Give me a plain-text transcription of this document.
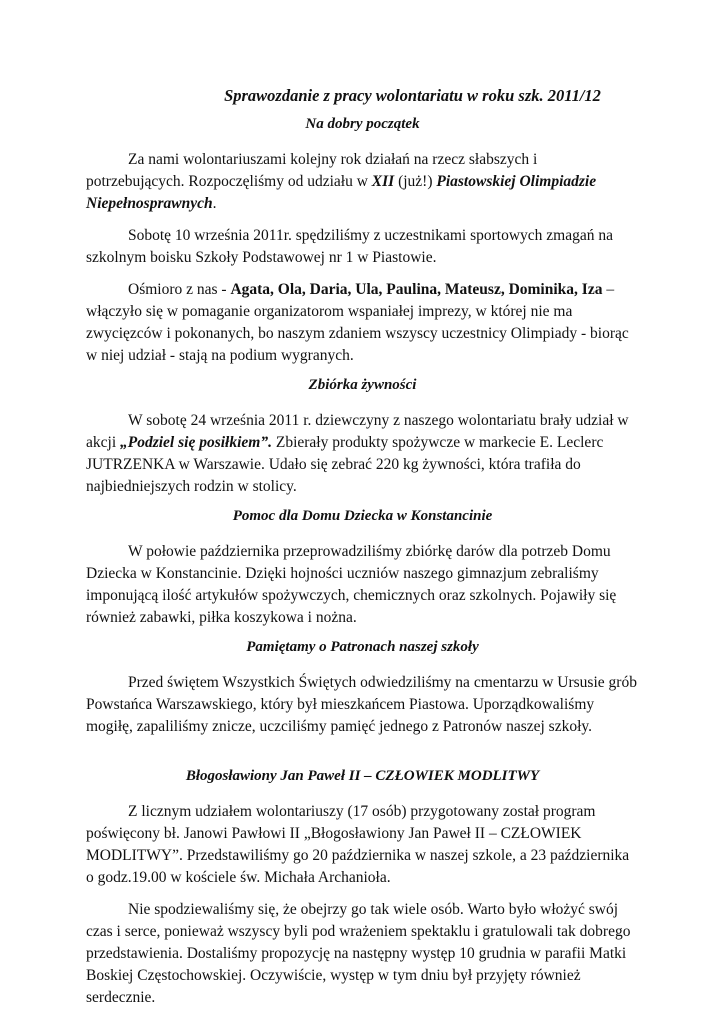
Sprawozdanie z pracy wolontariatu w roku szk. 2011/12
Na dobry początek

Za nami wolontariuszami kolejny rok działań na rzecz słabszych i potrzebujących. Rozpoczęliśmy od udziału w XII (już!) Piastowskiej Olimpiadzie Niepełnosprawnych.

Sobotę 10 września 2011r. spędziliśmy z uczestnikami sportowych zmagań na szkolnym boisku Szkoły Podstawowej nr 1 w Piastowie.

Ośmioro z nas - Agata, Ola, Daria, Ula, Paulina, Mateusz, Dominika, Iza – włączyło się w pomaganie organizatorom wspaniałej imprezy, w której nie ma zwycięzców i pokonanych, bo naszym zdaniem wszyscy uczestnicy Olimpiady - biorąc w niej udział - stają na podium wygranych.

Zbiórka żywności

W sobotę 24 września 2011 r. dziewczyny z naszego wolontariatu brały udział w akcji „Podziel się posiłkiem”. Zbierały produkty spożywcze w markecie E. Leclerc JUTRZENKA w Warszawie. Udało się zebrać 220 kg żywności, która trafiła do najbiedniejszych rodzin w stolicy.

Pomoc dla Domu Dziecka w Konstancinie

W połowie października przeprowadziliśmy zbiórkę darów dla potrzeb Domu Dziecka w Konstancinie. Dzięki hojności uczniów naszego gimnazjum zebraliśmy imponującą ilość artykułów spożywczych, chemicznych oraz szkolnych. Pojawiły się również zabawki, piłka koszykowa i nożna.

Pamiętamy o Patronach naszej szkoły

Przed świętem Wszystkich Świętych odwiedziliśmy na cmentarzu w Ursusie grób Powstańca Warszawskiego, który był mieszkańcem Piastowa. Uporządkowaliśmy mogiłę, zapaliliśmy znicze, uczciliśmy pamięć jednego z Patronów naszej szkoły.

Błogosławiony Jan Paweł II – CZŁOWIEK MODLITWY

Z licznym udziałem wolontariuszy (17 osób) przygotowany został program poświęcony bł. Janowi Pawłowi II „Błogosławiony Jan Paweł II – CZŁOWIEK MODLITWY”. Przedstawiliśmy go 20 października w naszej szkole, a 23 października o godz.19.00 w kościele św. Michała Archanioła.

Nie spodziewaliśmy się, że obejrzy go tak wiele osób. Warto było włożyć swój czas i serce, ponieważ wszyscy byli pod wrażeniem spektaklu i gratulowali tak dobrego przedstawienia. Dostaliśmy propozycję na następny występ 10 grudnia w parafii Matki Boskiej Częstochowskiej. Oczywiście, występ w tym dniu był przyjęty również serdecznie.
